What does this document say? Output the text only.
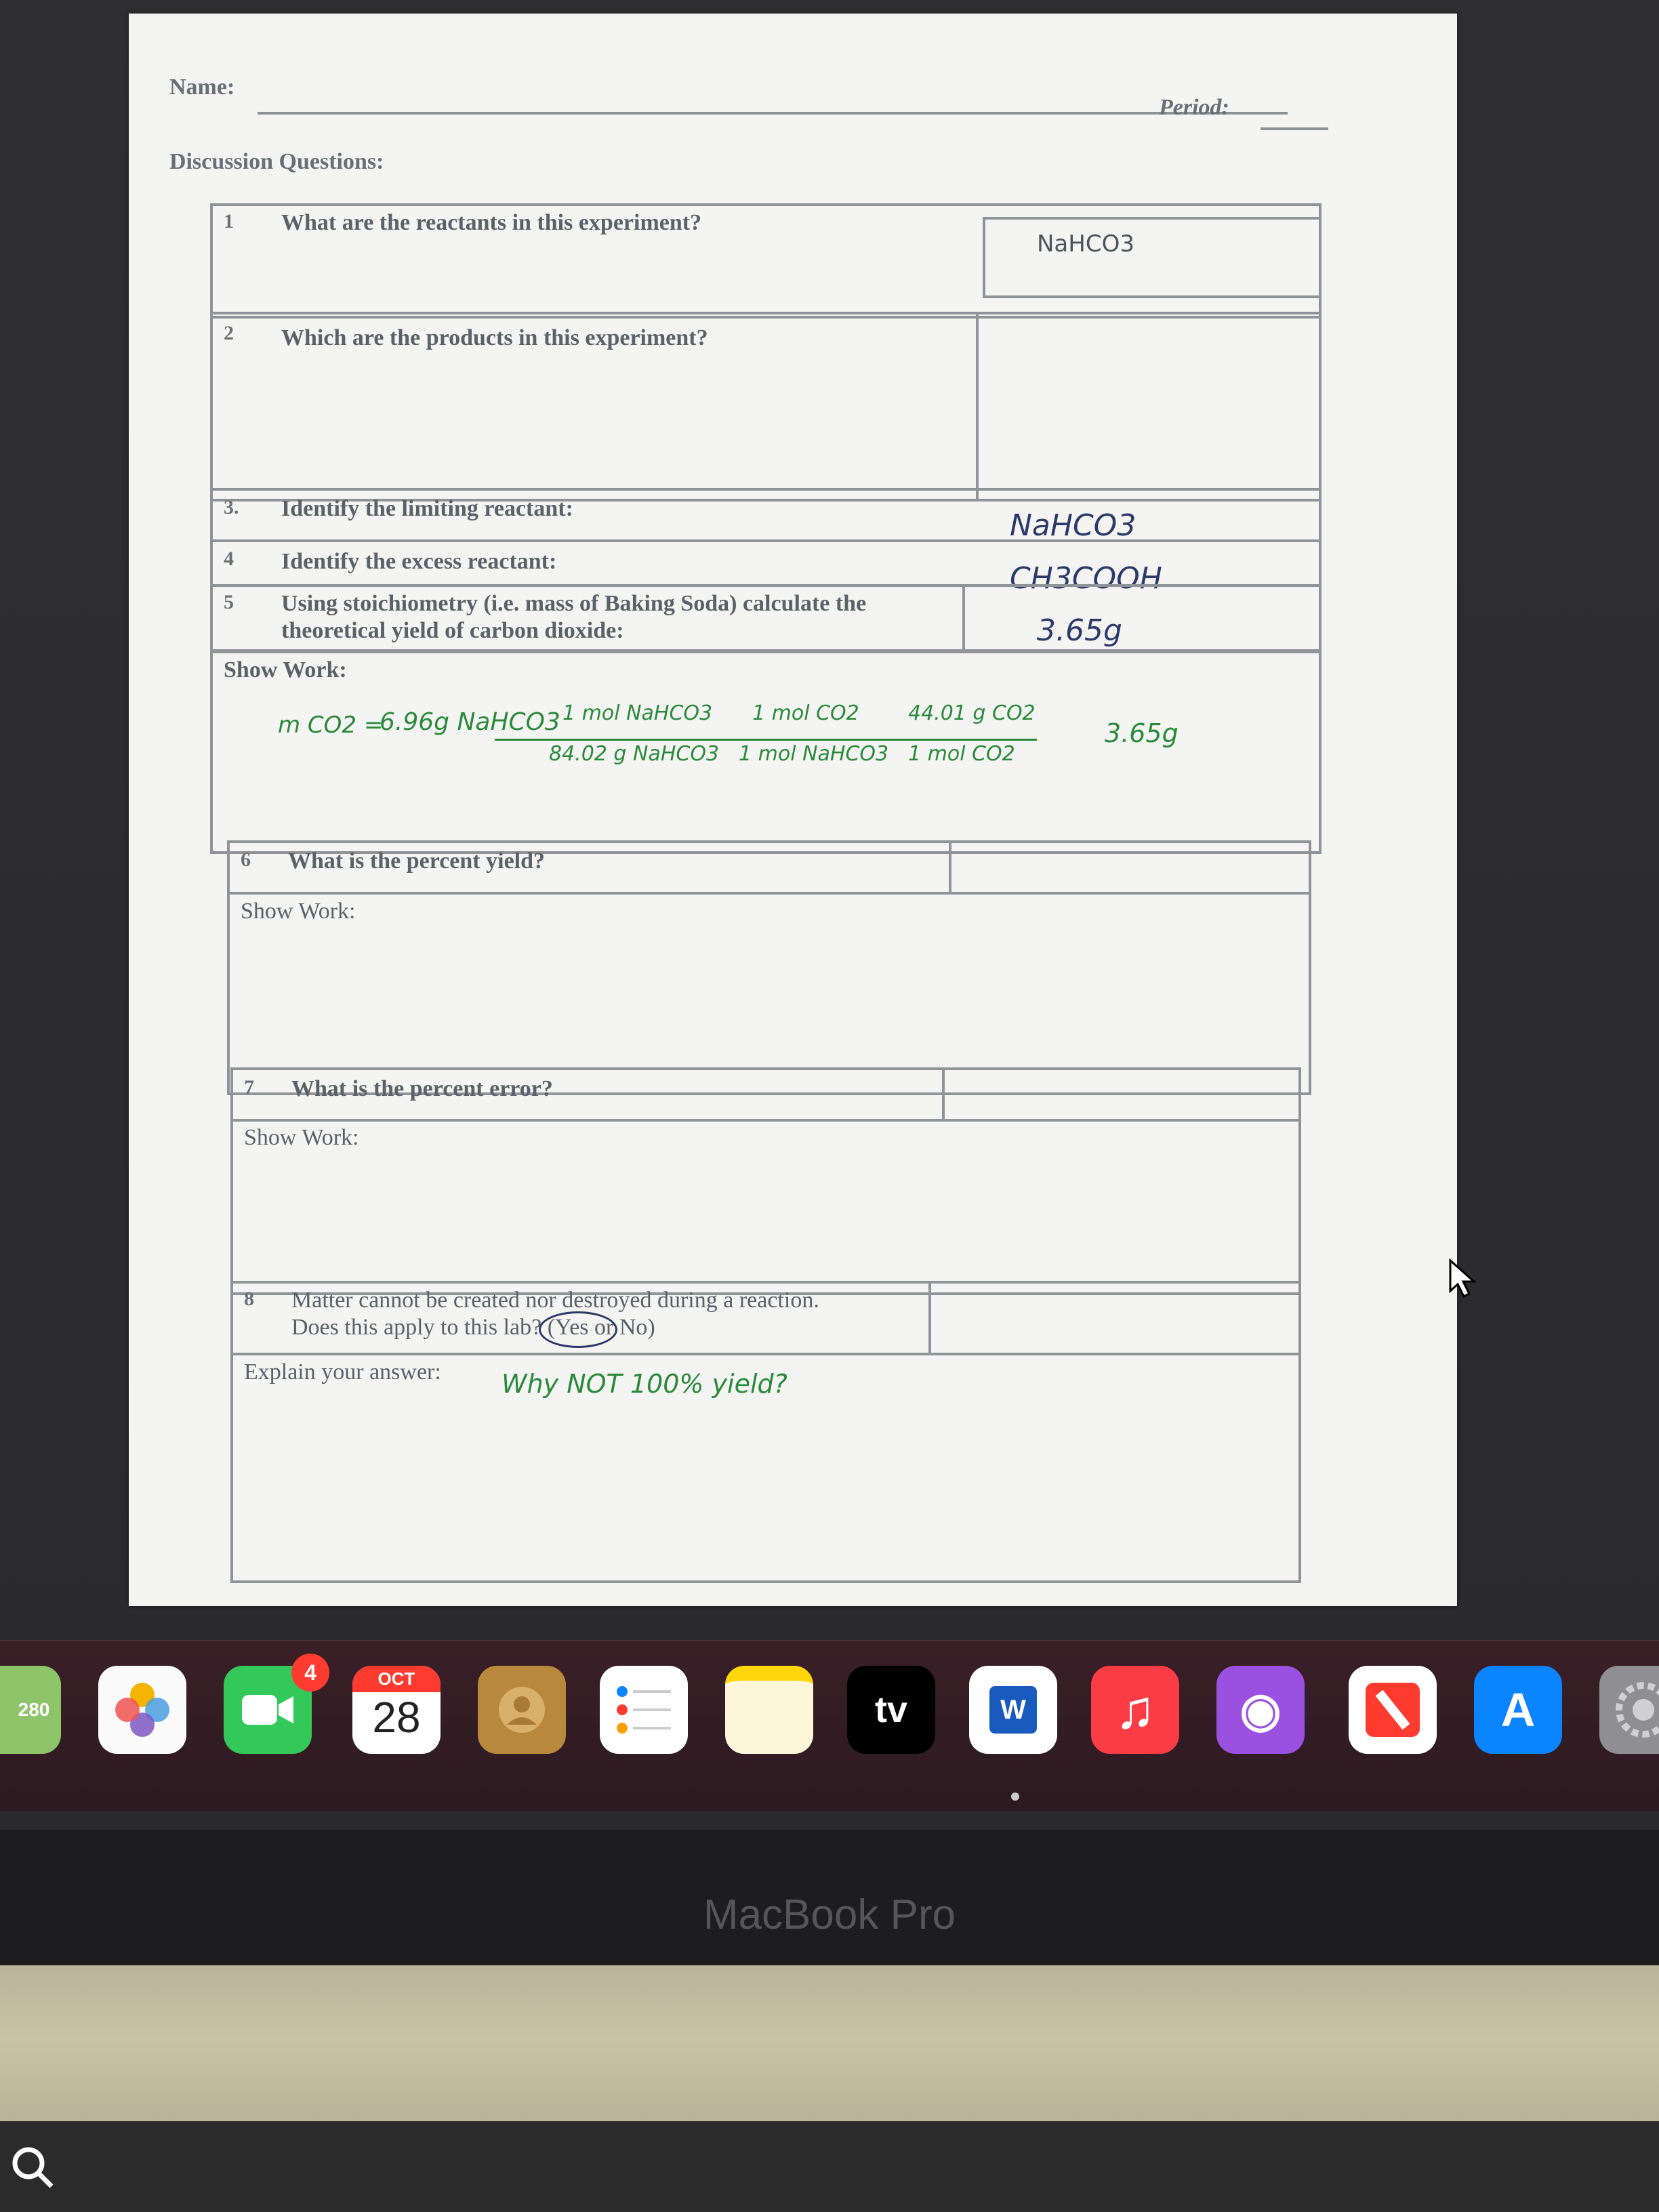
Name:
Period:
Discussion Questions:
1 What are the reactants in this experiment?
NaHCO3
2 Which are the products in this experiment?
3. Identify the limiting reactant:	NaHCO3
4 Identify the excess reactant:	CH3COOH
5 Using stoichiometry (i.e. mass of Baking Soda) calculate the
theoretical yield of carbon dioxide:	3.65g
Show Work:
m CO2 =
6.96g NaHCO3 1 mol NaHCO3
84.02 g NaHCO3
1 mol CO2
1 mol NaHCO3
44.01 g CO2
1 mol CO2
3.65g
6 What is the percent yield?
Show Work:
7 What is the percent error?
Show Work:
8 Matter cannot be created nor destroyed during a reaction.
Does this apply to this lab? (Yes or No)
Explain your answer: Why NOT 100% yield?
280
4	OCT
28	tv	W	♫	◉	A
MacBook Pro
